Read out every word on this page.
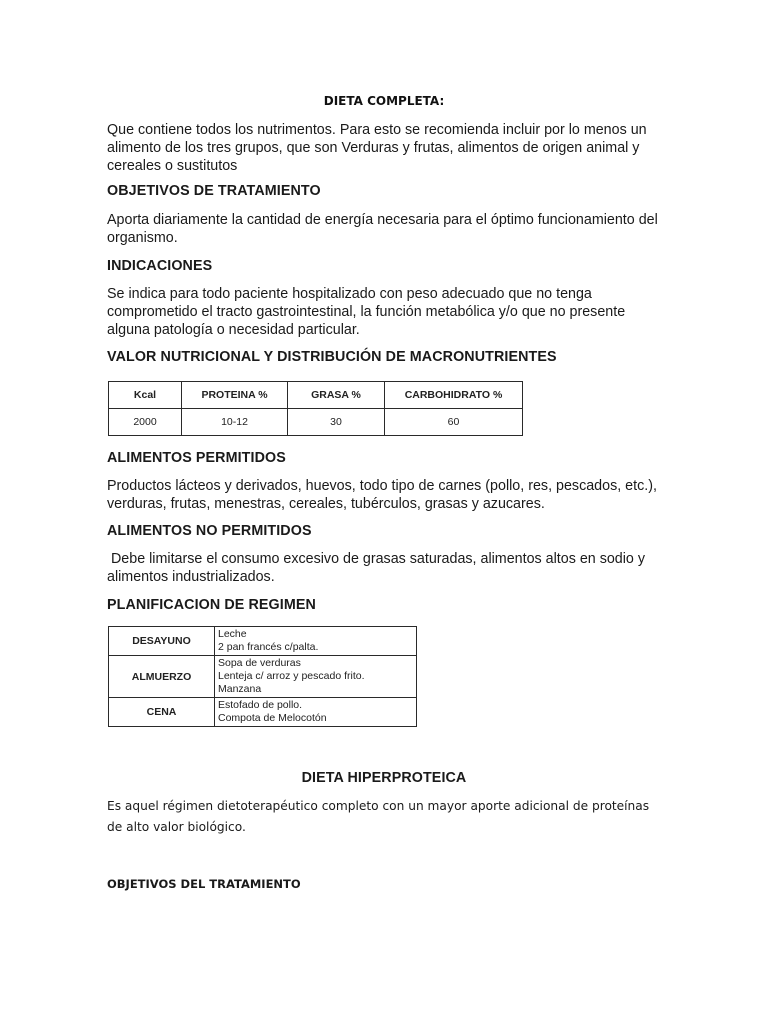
DIETA COMPLETA:

Que contiene todos los nutrimentos. Para esto se recomienda incluir por lo menos un alimento de los tres grupos, que son Verduras y frutas, alimentos de origen animal y cereales o sustitutos

OBJETIVOS DE TRATAMIENTO

Aporta diariamente la cantidad de energía necesaria para el óptimo funcionamiento del organismo.

INDICACIONES

Se indica para todo paciente hospitalizado con peso adecuado que no tenga comprometido el tracto gastrointestinal, la función metabólica y/o que no presente alguna patología o necesidad particular.

VALOR NUTRICIONAL Y DISTRIBUCIÓN DE MACRONUTRIENTES
Kcal	PROTEINA %	GRASA %	CARBOHIDRATO %
2000	10-12	30	60
ALIMENTOS PERMITIDOS

Productos lácteos y derivados, huevos, todo tipo de carnes (pollo, res, pescados, etc.), verduras, frutas, menestras, cereales, tubérculos, grasas y azucares.

ALIMENTOS NO PERMITIDOS

Debe limitarse el consumo excesivo de grasas saturadas, alimentos altos en sodio y alimentos industrializados.

PLANIFICACION DE REGIMEN
DESAYUNO	Leche
2 pan francés c/palta.

ALMUERZO	Sopa de verduras
Lenteja c/ arroz y pescado frito.
Manzana

CENA	Estofado de pollo.
Compota de Melocotón
DIETA HIPERPROTEICA

Es aquel régimen dietoterapéutico completo con un mayor aporte adicional de proteínas de alto valor biológico.

OBJETIVOS DEL TRATAMIENTO
